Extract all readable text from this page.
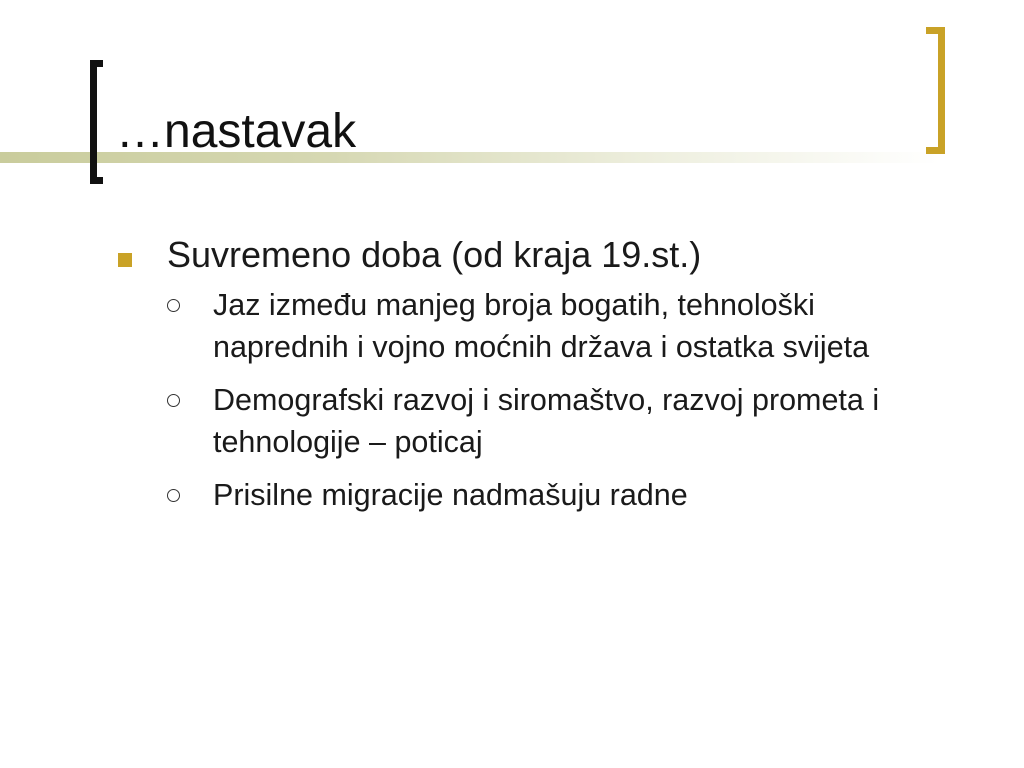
…nastavak
Suvremeno doba (od kraja 19.st.)
Jaz između manjeg broja bogatih, tehnološki naprednih i vojno moćnih država i ostatka svijeta
Demografski razvoj i siromaštvo, razvoj prometa i tehnologije – poticaj
Prisilne migracije nadmašuju radne
